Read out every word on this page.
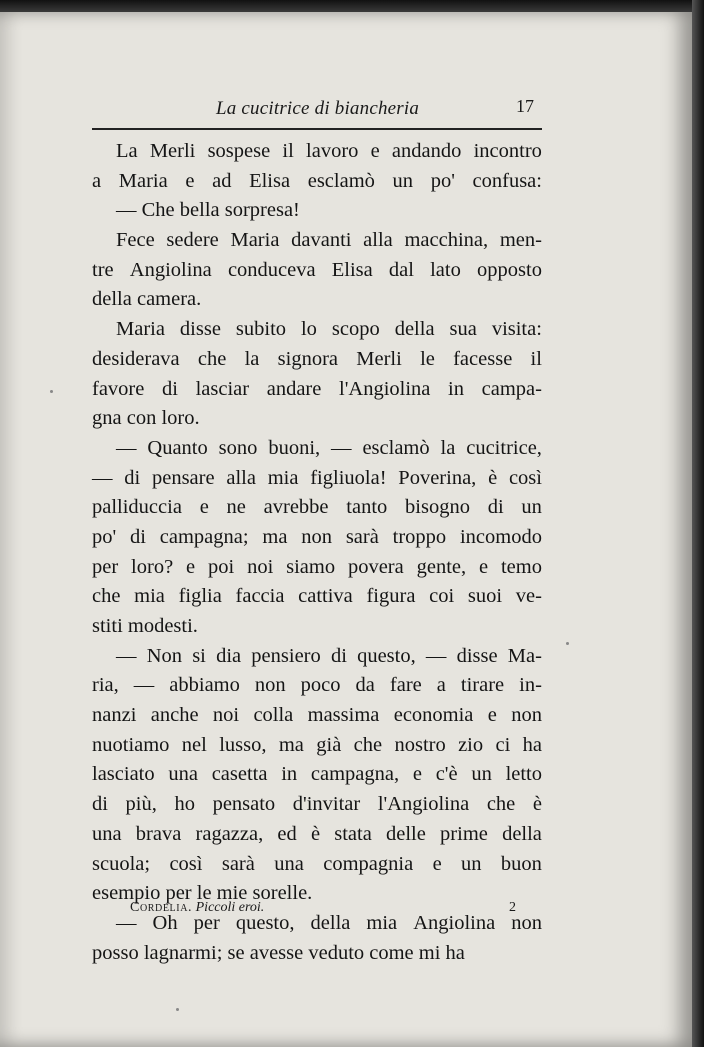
La cucitrice di biancheria	17
La Merli sospese il lavoro e andando incontro
a Maria e ad Elisa esclamò un po' confusa:
— Che bella sorpresa!
Fece sedere Maria davanti alla macchina, men-
tre Angiolina conduceva Elisa dal lato opposto
della camera.
Maria disse subito lo scopo della sua visita:
desiderava che la signora Merli le facesse il
favore di lasciar andare l'Angiolina in campa-
gna con loro.
— Quanto sono buoni, — esclamò la cucitrice,
— di pensare alla mia figliuola! Poverina, è così
palliduccia e ne avrebbe tanto bisogno di un
po' di campagna; ma non sarà troppo incomodo
per loro? e poi noi siamo povera gente, e temo
che mia figlia faccia cattiva figura coi suoi ve-
stiti modesti.
— Non si dia pensiero di questo, — disse Ma-
ria, — abbiamo non poco da fare a tirare in-
nanzi anche noi colla massima economia e non
nuotiamo nel lusso, ma già che nostro zio ci ha
lasciato una casetta in campagna, e c'è un letto
di più, ho pensato d'invitar l'Angiolina che è
una brava ragazza, ed è stata delle prime della
scuola; così sarà una compagnia e un buon
esempio per le mie sorelle.
— Oh per questo, della mia Angiolina non
posso lagnarmi; se avesse veduto come mi ha
Cordelia. Piccoli eroi.	2
